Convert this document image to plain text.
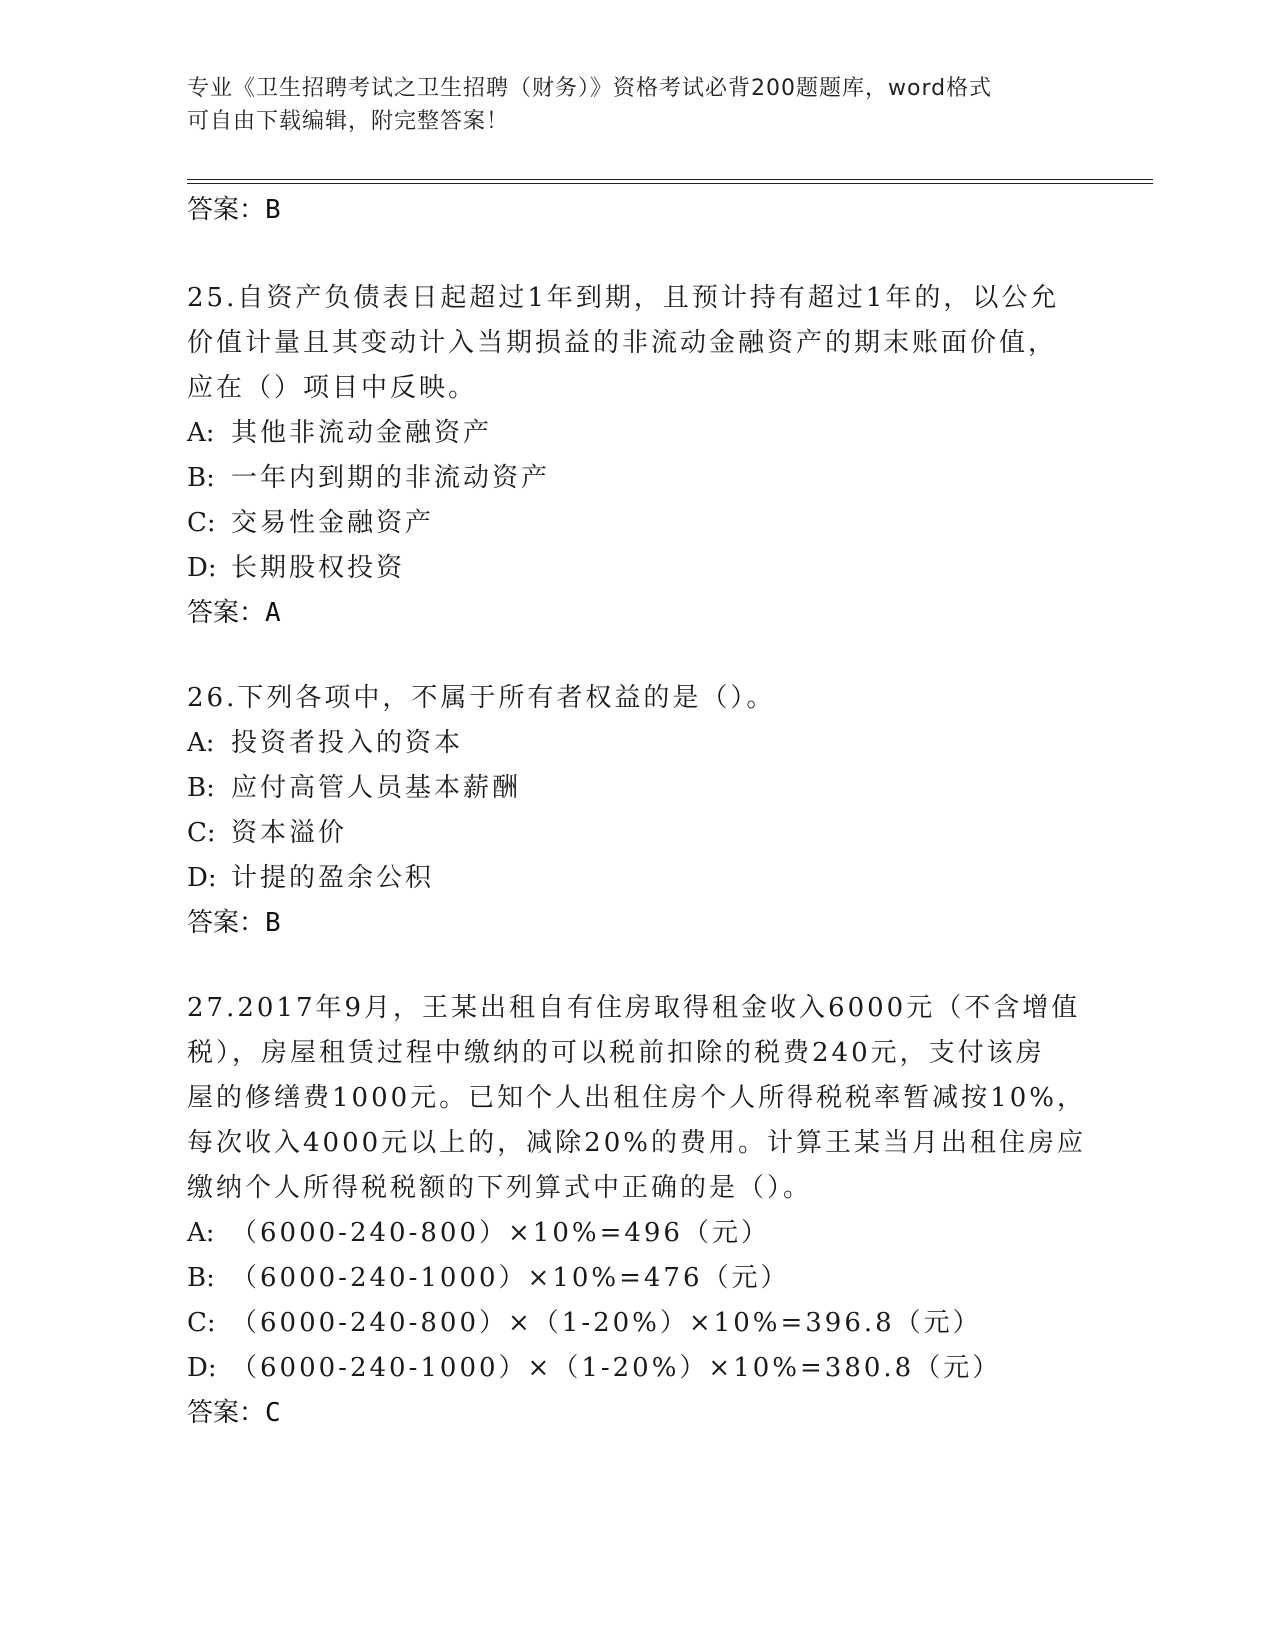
专业《卫生招聘考试之卫生招聘（财务）》资格考试必背200题题库，word格式
可自由下载编辑，附完整答案！
答案：B
25.自资产负债表日起超过1年到期，且预计持有超过1年的，以公允
价值计量且其变动计入当期损益的非流动金融资产的期末账面价值，
应在（）项目中反映。
A: 其他非流动金融资产
B: 一年内到期的非流动资产
C: 交易性金融资产
D: 长期股权投资
答案：A
26.下列各项中，不属于所有者权益的是（）。
A: 投资者投入的资本
B: 应付高管人员基本薪酬
C: 资本溢价
D: 计提的盈余公积
答案：B
27.2017年9月，王某出租自有住房取得租金收入6000元（不含增值
税），房屋租赁过程中缴纳的可以税前扣除的税费240元，支付该房
屋的修缮费1000元。已知个人出租住房个人所得税税率暂减按10%，
每次收入4000元以上的，减除20%的费用。计算王某当月出租住房应
缴纳个人所得税税额的下列算式中正确的是（）。
A: （6000-240-800）×10%=496（元）
B: （6000-240-1000）×10%=476（元）
C: （6000-240-800）×（1-20%）×10%=396.8（元）
D: （6000-240-1000）×（1-20%）×10%=380.8（元）
答案：C
